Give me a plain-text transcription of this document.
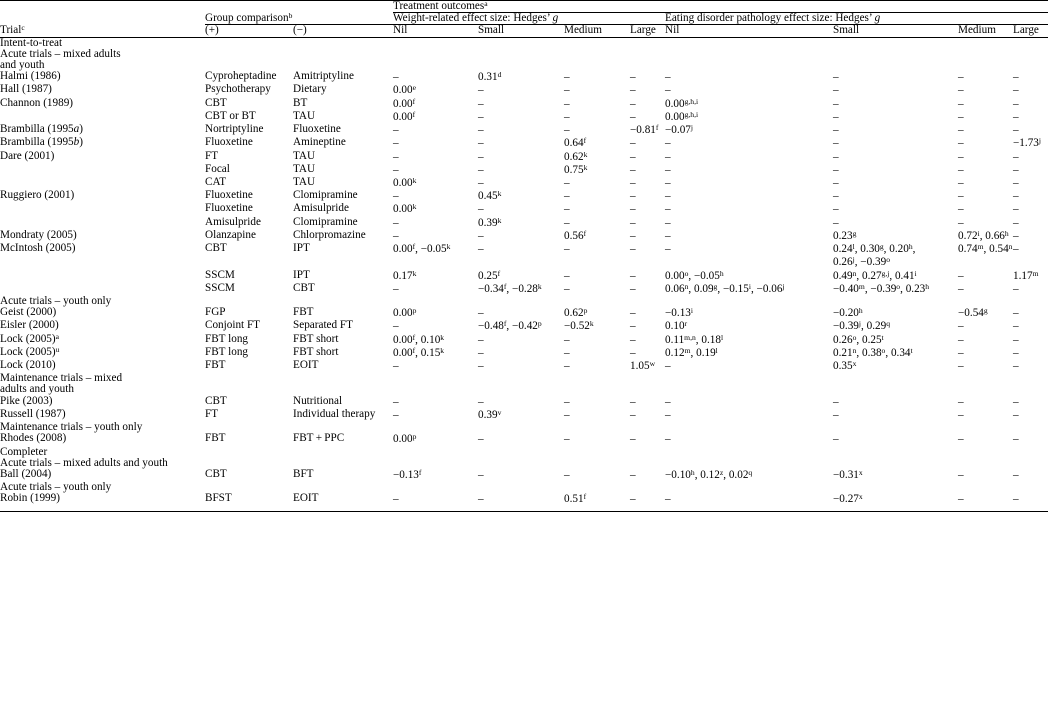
			Treatment outcomes$^a$

	Group comparison$^b$		Weight-related effect size: Hedges’ g				Eating disorder pathology effect size: Hedges’ g			

Trial$^c$	(+)	(−)	Nil	Small	Medium	Large	Nil	Small	Medium	Large
Intent-to-treat										
Acute trials – mixed adults										
and youth										
Halmi (1986)	Cyproheptadine	Amitriptyline	–	0.31$^d$	–	–	–	–	–	–
Hall (1987)	Psychotherapy	Dietary	0.00e	–	–	–	–	–	–	–
Channon (1989)	CBT	BT	0.00$^f$	–	–	–	0.00$^{g,h,i}$	–	–	–
	CBT or BT	TAU	0.00$^f$	–	–	–	0.00$^{g,h,i}$	–	–	–
Brambilla (1995a)	Nortriptyline	Fluoxetine	–	–	–	−0.81$^f$	$-0.07^j$	–	–	–
Brambilla (1995b)	Fluoxetine	Amineptine	–	–	0.64$^f$	–	–	–	–	$-1.73^j$
Dare (2001)	FT	TAU	–	–	0.62$^k$	–	–	–	–	–
	Focal	TAU	–	–	0.75$^k$	–	–	–	–	–
	CAT	TAU	0.00$^k$	–	–	–	–	–	–	–
Ruggiero (2001)	Fluoxetine	Clomipramine	–	0.45$^k$	–	–	–	–	–	–
	Fluoxetine	Amisulpride	0.00$^k$	–	–	–	–	–	–	–
	Amisulpride	Clomipramine	–	0.39$^k$	–	–	–	–	–	–
Mondraty (2005)	Olanzapine	Chlorpromazine	–	–	0.56$^f$	–	–	0.23$^g$	0.72$^i$, 0.66$^h$	–
McIntosh (2005)	CBT	IPT	0.00$^f$, $-0.05^k$	–	–	–	–	0.24$^l$, 0.30$^g$, 0.20$^h$,
$0.26^j$, $-0.39^o$	0.74$^m$, 0.54$^n$	–
	SSCM	IPT	0.17$^k$	0.25$^f$	–	–	$0.00^o$, −0.05$^h$	0.49$^n$, 0.27$^{g,j}$, 0.41$^i$	–	1.17$^m$
	SSCM	CBT	–	−0.34$^f$, $-0.28^k$	–	–	0.06$^n$, 0.09$^g$, $-0.15^i$, $-0.06^j$	$-0.40^m$, $-0.39^o$, 0.23$^h$	–	–
Acute trials – youth only										
Geist (2000)	FGP	FBT	0.00$^p$	–	0.62$^p$	–	$-0.13^i$	−0.20$^h$	−0.54$^g$	–
Eisler (2000)	Conjoint FT	Separated FT	–	−0.48$^f$, $-0.42^p$	$-0.52^k$	–	$0.10^r$	$-0.39^j$, 0.29$^q$	–	–
Lock $(2005)^a$	FBT long	FBT short	0.00$^f$, 0.10$^k$	–	–	–	0.11$^{m,n}$, 0.18$^l$	0.26$^o$, 0.25$^t$	–	–
Lock $(2005)^u$	FBT long	FBT short	0.00$^f$, 0.15$^k$	–	–	–	0.12$^m$, 0.19$^l$	0.21$^n$, 0.38$^o$, 0.34$^t$	–	–
Lock (2010)	FBT	EOIT	–	–	–	1.05$^w$	–	0.35$^x$	–	–
Maintenance trials – mixed										
adults and youth										
Pike (2003)	CBT	Nutritional	–	–	–	–	–	–	–	–
Russell (1987)	FT	Individual therapy	–	0.39$^v$	–	–	–	–	–	–
Maintenance trials – youth only										
Rhodes (2008)	FBT	FBT + PPC	0.00$^p$	–	–	–	–	–	–	–
Completer										
Acute trials – mixed adults and youth										
Ball (2004)	CBT	BFT	−0.13$^f$	–	–	–	−0.10$^h$, 0.12$^z$, $0.02^q$	$-0.31^x$	–	–
Acute trials – youth only										
Robin (1999)	BFST	EOIT	–	–	0.51$^f$	–	–	$-0.27^x$	–	–
